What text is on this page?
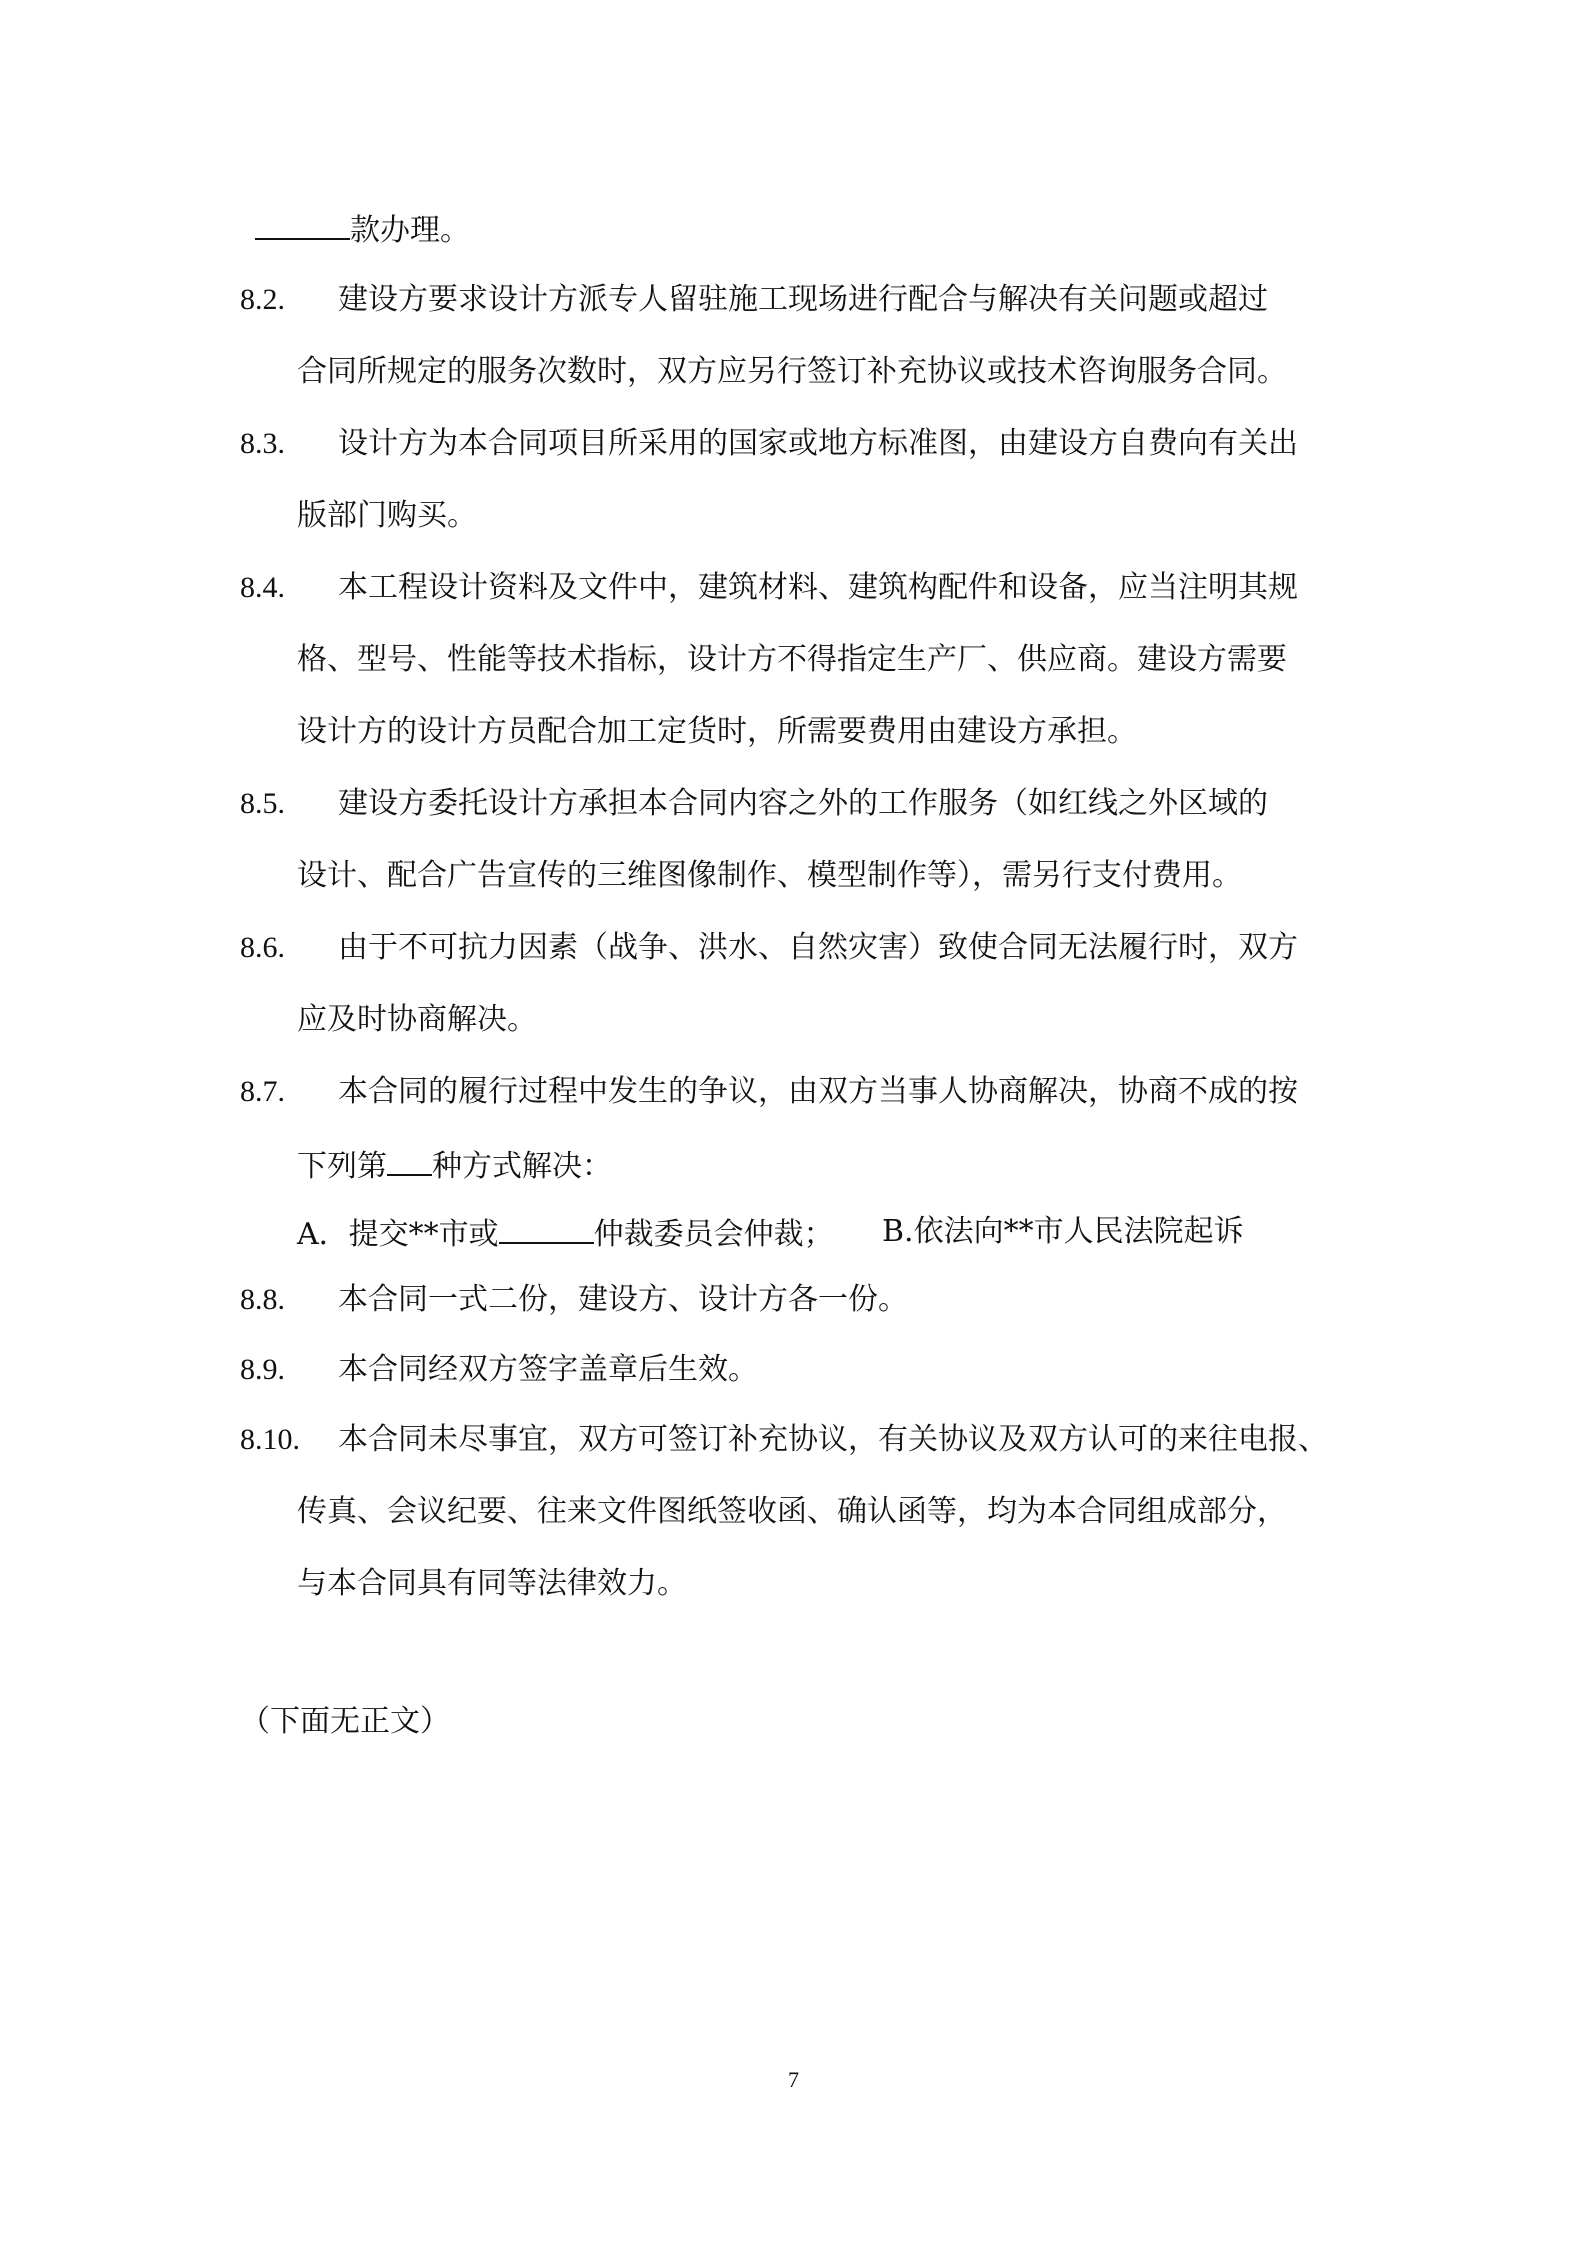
款办理。
8.2. 建设方要求设计方派专人留驻施工现场进行配合与解决有关问题或超过
合同所规定的服务次数时，双方应另行签订补充协议或技术咨询服务合同。
8.3. 设计方为本合同项目所采用的国家或地方标准图，由建设方自费向有关出
版部门购买。
8.4. 本工程设计资料及文件中，建筑材料、建筑构配件和设备，应当注明其规
格、型号、性能等技术指标，设计方不得指定生产厂、供应商。建设方需要
设计方的设计方员配合加工定货时，所需要费用由建设方承担。
8.5. 建设方委托设计方承担本合同内容之外的工作服务（如红线之外区域的
设计、配合广告宣传的三维图像制作、模型制作等），需另行支付费用。
8.6. 由于不可抗力因素（战争、洪水、自然灾害）致使合同无法履行时，双方
应及时协商解决。
8.7. 本合同的履行过程中发生的争议，由双方当事人协商解决，协商不成的按
下列第 种方式解决：
A．提交**市或	仲裁委员会仲裁； B.依法向**市人民法院起诉
8.8. 本合同一式二份，建设方、设计方各一份。
8.9. 本合同经双方签字盖章后生效。
8.10. 本合同未尽事宜，双方可签订补充协议，有关协议及双方认可的来往电报、
传真、会议纪要、往来文件图纸签收函、确认函等，均为本合同组成部分，
与本合同具有同等法律效力。
（下面无正文）
7
